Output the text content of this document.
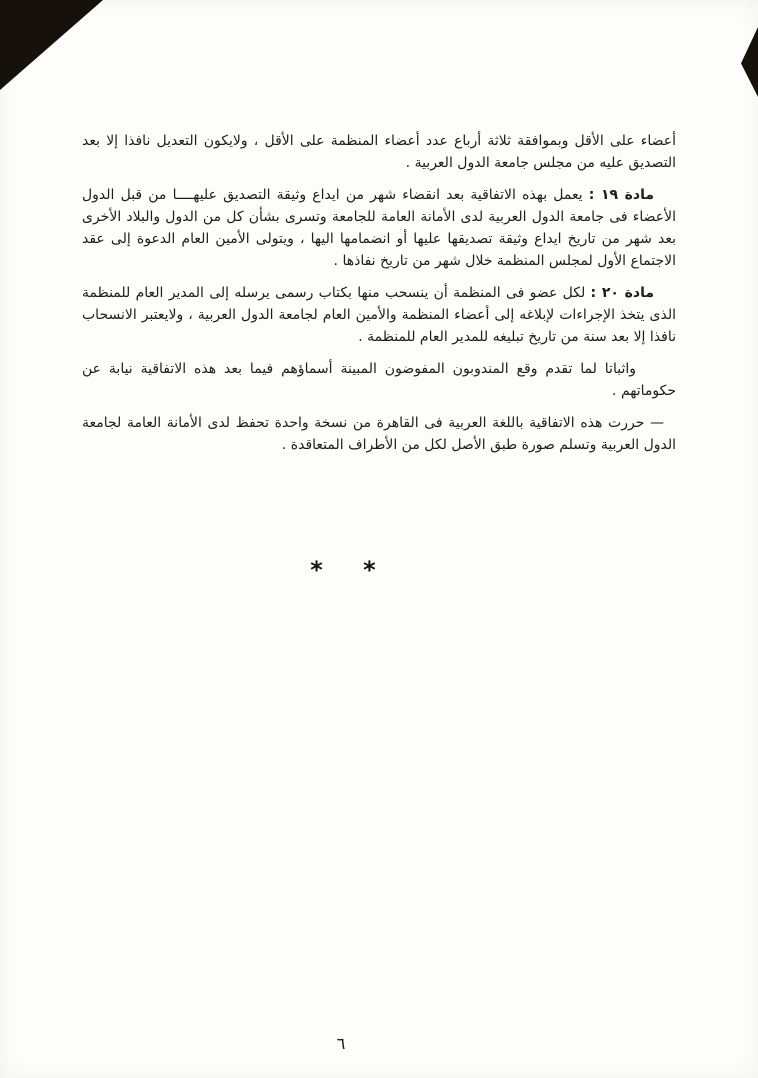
أعضاء على الأقل وبموافقة ثلاثة أرباع عدد أعضاء المنظمة على الأقل ، ولايكون التعديل نافذا إلا بعد التصديق عليه من مجلس جامعة الدول العربية .

مادة ١٩ : يعمل بهذه الاتفاقية بعد انقضاء شهر من ايداع وثيقة التصديق عليهــــا من قبل الدول الأعضاء فى جامعة الدول العربية لدى الأمانة العامة للجامعة وتسرى بشأن كل من الدول والبلاد الأخرى بعد شهر من تاريخ ايداع وثيقة تصديقها عليها أو انضمامها اليها ، ويتولى الأمين العام الدعوة إلى عقد الاجتماع الأول لمجلس المنظمة خلال شهر من تاريخ نفاذها .

مادة ٢٠ : لكل عضو فى المنظمة أن ينسحب منها بكتاب رسمى يرسله إلى المدير العام للمنظمة الذى يتخذ الإجراءات لإبلاغه إلى أعضاء المنظمة والأمين العام لجامعة الدول العربية ، ولايعتبر الانسحاب نافذا إلا بعد سنة من تاريخ تبليغه للمدير العام للمنظمة .

واثباتا لما تقدم وقع المندوبون المفوضون المبينة أسماؤهم فيما بعد هذه الاتفاقية نيابة عن حكوماتهم .

— حررت هذه الاتفاقية باللغة العربية فى القاهرة من نسخة واحدة تحفظ لدى الأمانة العامة لجامعة الدول العربية وتسلم صورة طبق الأصل لكل من الأطراف المتعاقدة .

* *
٦
